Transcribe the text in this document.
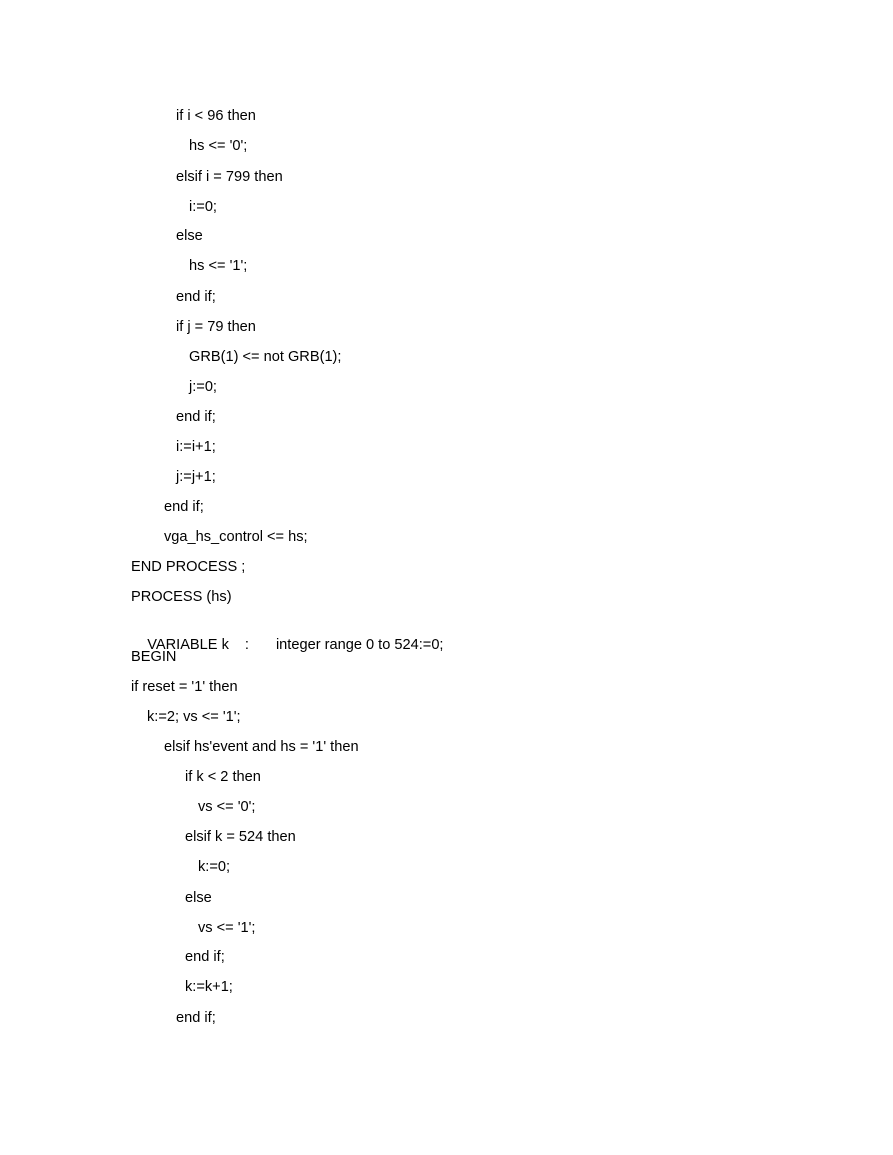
if i < 96 then
hs <= '0';
elsif i = 799 then
i:=0;
else
hs <= '1';
end if;
if j = 79 then
GRB(1) <= not GRB(1);
j:=0;
end if;
i:=i+1;
j:=j+1;
end if;
vga_hs_control <= hs;
END PROCESS ;
PROCESS (hs)

VARIABLE k : integer range 0 to 524:=0;

BEGIN
if reset = '1' then
k:=2; vs <= '1';
elsif hs'event and hs = '1' then
if k < 2 then
vs <= '0';
elsif k = 524 then
k:=0;
else
vs <= '1';
end if;
k:=k+1;
end if;
